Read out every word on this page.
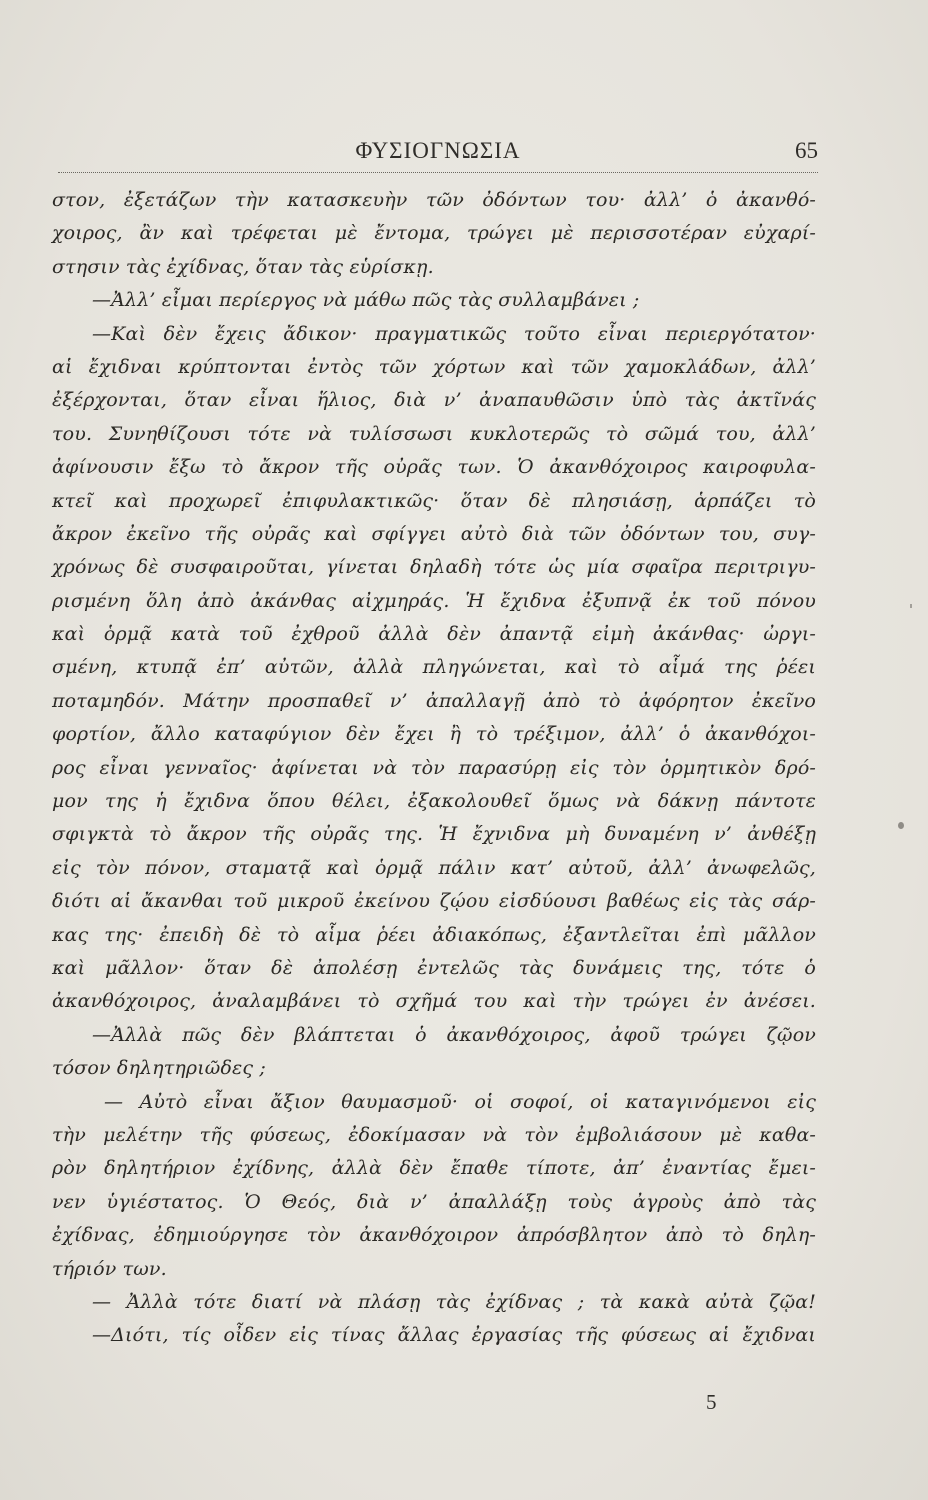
ΦΥΣΙΟΓΝΩΣΙΑ	65
στον, ἐξετάζων τὴν κατασκευὴν τῶν ὀδόντων του· ἀλλ’ ὁ ἀκανθό-
χοιρος, ἂν καὶ τρέφεται μὲ ἔντομα, τρώγει μὲ περισσοτέραν εὐχαρί-
στησιν τὰς ἐχίδνας, ὅταν τὰς εὑρίσκῃ.
—Ἀλλ’ εἶμαι περίεργος νὰ μάθω πῶς τὰς συλλαμβάνει ;
—Καὶ δὲν ἔχεις ἄδικον· πραγματικῶς τοῦτο εἶναι περιεργότατον·
αἱ ἔχιδναι κρύπτονται ἐντὸς τῶν χόρτων καὶ τῶν χαμοκλάδων, ἀλλ’
ἐξέρχονται, ὅταν εἶναι ἥλιος, διὰ ν’ ἀναπαυθῶσιν ὑπὸ τὰς ἀκτῖνάς
του. Συνηθίζουσι τότε νὰ τυλίσσωσι κυκλοτερῶς τὸ σῶμά του, ἀλλ’
ἀφίνουσιν ἔξω τὸ ἄκρον τῆς οὐρᾶς των. Ὁ ἀκανθόχοιρος καιροφυλα-
κτεῖ καὶ προχωρεῖ ἐπιφυλακτικῶς· ὅταν δὲ πλησιάσῃ, ἁρπάζει τὸ
ἄκρον ἐκεῖνο τῆς οὐρᾶς καὶ σφίγγει αὐτὸ διὰ τῶν ὀδόντων του, συγ-
χρόνως δὲ συσφαιροῦται, γίνεται δηλαδὴ τότε ὡς μία σφαῖρα περιτριγυ-
ρισμένη ὅλη ἀπὸ ἀκάνθας αἰχμηράς. Ἡ ἔχιδνα ἐξυπνᾷ ἐκ τοῦ πόνου
καὶ ὁρμᾷ κατὰ τοῦ ἐχθροῦ ἀλλὰ δὲν ἀπαντᾷ εἰμὴ ἀκάνθας· ὠργι-
σμένη, κτυπᾷ ἐπ’ αὐτῶν, ἀλλὰ πληγώνεται, καὶ τὸ αἷμά της ῥέει
ποταμηδόν. Μάτην προσπαθεῖ ν’ ἀπαλλαγῇ ἀπὸ τὸ ἀφόρητον ἐκεῖνο
φορτίον, ἄλλο καταφύγιον δὲν ἔχει ἢ τὸ τρέξιμον, ἀλλ’ ὁ ἀκανθόχοι-
ρος εἶναι γενναῖος· ἀφίνεται νὰ τὸν παρασύρῃ εἰς τὸν ὁρμητικὸν δρό-
μον της ἡ ἔχιδνα ὅπου θέλει, ἐξακολουθεῖ ὅμως νὰ δάκνῃ πάντοτε
σφιγκτὰ τὸ ἄκρον τῆς οὐρᾶς της. Ἡ ἔχνιδνα μὴ δυναμένη ν’ ἀνθέξῃ
εἰς τὸν πόνον, σταματᾷ καὶ ὁρμᾷ πάλιν κατ’ αὐτοῦ, ἀλλ’ ἀνωφελῶς,
διότι αἱ ἄκανθαι τοῦ μικροῦ ἐκείνου ζῴου εἰσδύουσι βαθέως εἰς τὰς σάρ-
κας της· ἐπειδὴ δὲ τὸ αἷμα ῥέει ἀδιακόπως, ἐξαντλεῖται ἐπὶ μᾶλλον
καὶ μᾶλλον· ὅταν δὲ ἀπολέσῃ ἐντελῶς τὰς δυνάμεις της, τότε ὁ
ἀκανθόχοιρος, ἀναλαμβάνει τὸ σχῆμά του καὶ τὴν τρώγει ἐν ἀνέσει.
—Ἀλλὰ πῶς δὲν βλάπτεται ὁ ἀκανθόχοιρος, ἀφοῦ τρώγει ζῷον
τόσον δηλητηριῶδες ;
— Αὐτὸ εἶναι ἄξιον θαυμασμοῦ· οἱ σοφοί, οἱ καταγινόμενοι εἰς
τὴν μελέτην τῆς φύσεως, ἐδοκίμασαν νὰ τὸν ἐμβολιάσουν μὲ καθα-
ρὸν δηλητήριον ἐχίδνης, ἀλλὰ δὲν ἔπαθε τίποτε, ἀπ’ ἐναντίας ἔμει-
νεν ὑγιέστατος. Ὁ Θεός, διὰ ν’ ἀπαλλάξῃ τοὺς ἀγροὺς ἀπὸ τὰς
ἐχίδνας, ἐδημιούργησε τὸν ἀκανθόχοιρον ἀπρόσβλητον ἀπὸ τὸ δηλη-
τήριόν των.
— Ἀλλὰ τότε διατί νὰ πλάσῃ τὰς ἐχίδνας ; τὰ κακὰ αὐτὰ ζῷα!
—Διότι, τίς οἶδεν εἰς τίνας ἄλλας ἐργασίας τῆς φύσεως αἱ ἔχιδναι
5
